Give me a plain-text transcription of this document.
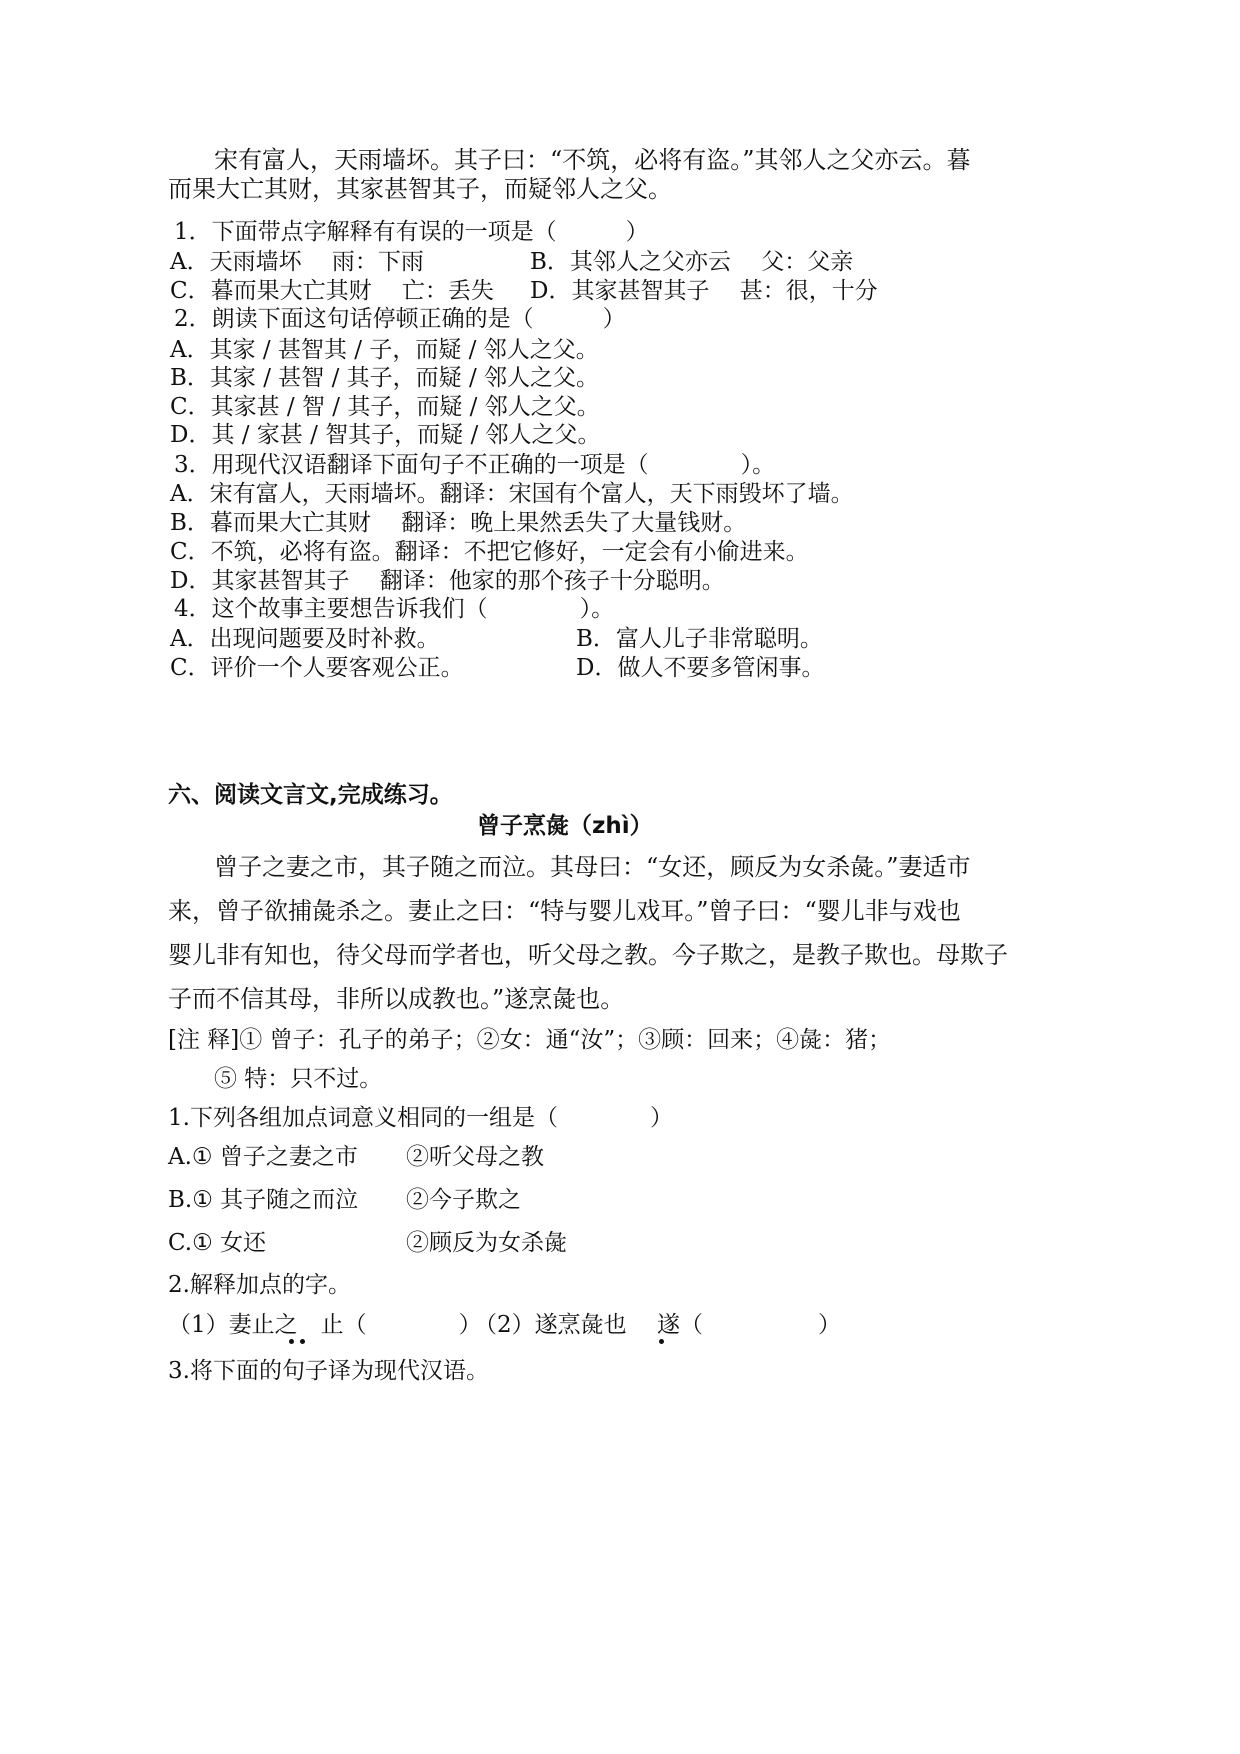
宋有富人，天雨墙坏。其子曰：“不筑，必将有盗。”其邻人之父亦云。暮
而果大亡其财，其家甚智其子，而疑邻人之父。
1．下面带点字解释有有误的一项是（　　　）
A．天雨墙坏　 雨：下雨	B．其邻人之父亦云　 父：父亲
C．暮而果大亡其财　 亡：丢失 D．其家甚智其子　 甚：很，十分
2．朗读下面这句话停顿正确的是（　　　）
A．其家 / 甚智其 / 子，而疑 / 邻人之父。
B．其家 / 甚智 / 其子，而疑 / 邻人之父。
C．其家甚 / 智 / 其子，而疑 / 邻人之父。
D．其 / 家甚 / 智其子，而疑 / 邻人之父。
3．用现代汉语翻译下面句子不正确的一项是（　　　　）。
A．宋有富人，天雨墙坏。翻译：宋国有个富人，天下雨毁坏了墙。
B．暮而果大亡其财　 翻译：晚上果然丢失了大量钱财。
C．不筑，必将有盗。翻译：不把它修好，一定会有小偷进来。
D．其家甚智其子　 翻译：他家的那个孩子十分聪明。
4．这个故事主要想告诉我们（　　　　）。
A．出现问题要及时补救。	B．富人儿子非常聪明。
C．评价一个人要客观公正。	D．做人不要多管闲事。
六、阅读文言文,完成练习。
曾子烹彘（zhì）
曾子之妻之市，其子随之而泣。其母曰：“女还，顾反为女杀彘。”妻适市
来，曾子欲捕彘杀之。妻止之曰：“特与婴儿戏耳。”曾子曰：“婴儿非与戏也
婴儿非有知也，待父母而学者也，听父母之教。今子欺之，是教子欺也。母欺子
子而不信其母，非所以成教也。”遂烹彘也。
[注 释]① 曾子：孔子的弟子；②女：通“汝”；③顾：回来；④彘：猪；
⑤ 特：只不过。
1.下列各组加点词意义相同的一组是（　　　　）
A.① 曾子之妻之市 ②听父母之教
B.① 其子随之而泣 ②今子欺之
C.① 女还	②顾反为女杀彘
2.解释加点的字。
（1）妻止之　止（　　　　）
（2）遂烹彘也　 遂（　　　　　）
3.将下面的句子译为现代汉语。
